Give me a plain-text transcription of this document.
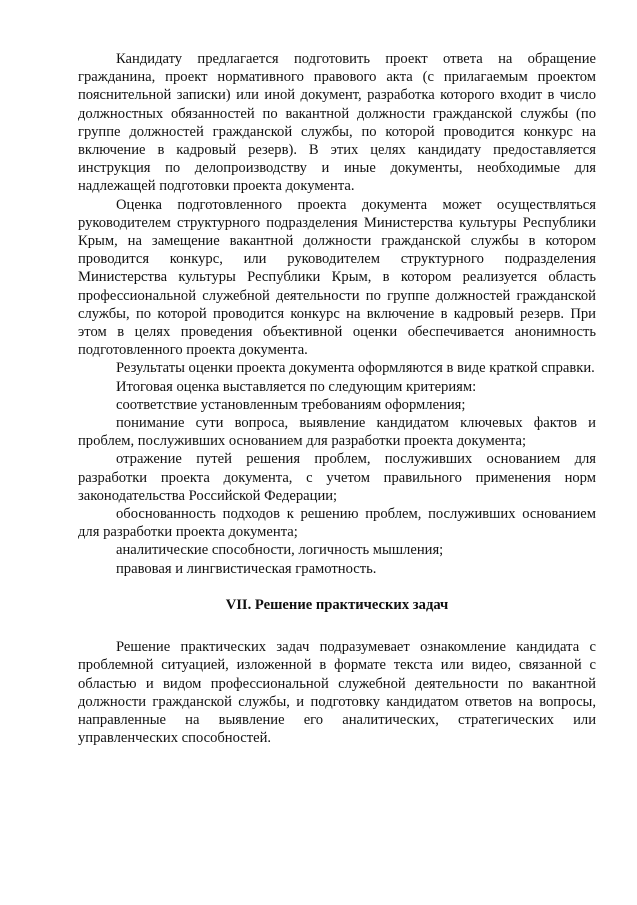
Кандидату предлагается подготовить проект ответа на обращение гражданина, проект нормативного правового акта (с прилагаемым проектом пояснительной записки) или иной документ, разработка которого входит в число должностных обязанностей по вакантной должности гражданской службы (по группе должностей гражданской службы, по которой проводится конкурс на включение в кадровый резерв). В этих целях кандидату предоставляется инструкция по делопроизводству и иные документы, необходимые для надлежащей подготовки проекта документа.

Оценка подготовленного проекта документа может осуществляться руководителем структурного подразделения Министерства культуры Республики Крым, на замещение вакантной должности гражданской службы в котором проводится конкурс, или руководителем структурного подразделения Министерства культуры Республики Крым, в котором реализуется область профессиональной служебной деятельности по группе должностей гражданской службы, по которой проводится конкурс на включение в кадровый резерв. При этом в целях проведения объективной оценки обеспечивается анонимность подготовленного проекта документа.

Результаты оценки проекта документа оформляются в виде краткой справки.

Итоговая оценка выставляется по следующим критериям:

соответствие установленным требованиям оформления;

понимание сути вопроса, выявление кандидатом ключевых фактов и проблем, послуживших основанием для разработки проекта документа;

отражение путей решения проблем, послуживших основанием для разработки проекта документа, с учетом правильного применения норм законодательства Российской Федерации;

обоснованность подходов к решению проблем, послуживших основанием для разработки проекта документа;

аналитические способности, логичность мышления;

правовая и лингвистическая грамотность.

VII. Решение практических задач

Решение практических задач подразумевает ознакомление кандидата с проблемной ситуацией, изложенной в формате текста или видео, связанной с областью и видом профессиональной служебной деятельности по вакантной должности гражданской службы, и подготовку кандидатом ответов на вопросы, направленные на выявление его аналитических, стратегических или управленческих способностей.
